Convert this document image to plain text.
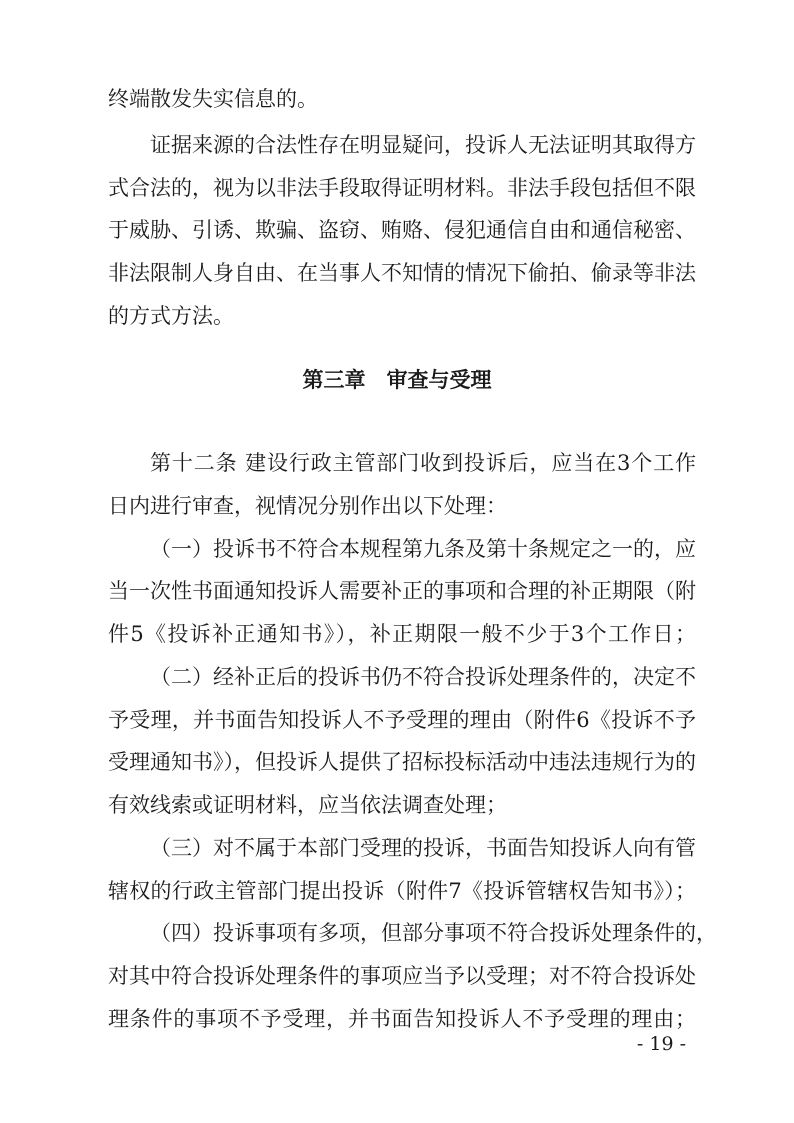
终端散发失实信息的。
证据来源的合法性存在明显疑问，投诉人无法证明其取得方
式合法的，视为以非法手段取得证明材料。非法手段包括但不限
于威胁、引诱、欺骗、盗窃、贿赂、侵犯通信自由和通信秘密、
非法限制人身自由、在当事人不知情的情况下偷拍、偷录等非法
的方式方法。
第三章　审查与受理
第十二条 建设行政主管部门收到投诉后，应当在3个工作
日内进行审查，视情况分别作出以下处理：
（一）投诉书不符合本规程第九条及第十条规定之一的，应
当一次性书面通知投诉人需要补正的事项和合理的补正期限（附
件5《投诉补正通知书》），补正期限一般不少于3个工作日；
（二）经补正后的投诉书仍不符合投诉处理条件的，决定不
予受理，并书面告知投诉人不予受理的理由（附件6《投诉不予
受理通知书》），但投诉人提供了招标投标活动中违法违规行为的
有效线索或证明材料，应当依法调查处理；
（三）对不属于本部门受理的投诉，书面告知投诉人向有管
辖权的行政主管部门提出投诉（附件7《投诉管辖权告知书》）；
（四）投诉事项有多项，但部分事项不符合投诉处理条件的，
对其中符合投诉处理条件的事项应当予以受理；对不符合投诉处
理条件的事项不予受理，并书面告知投诉人不予受理的理由；
- 19 -
